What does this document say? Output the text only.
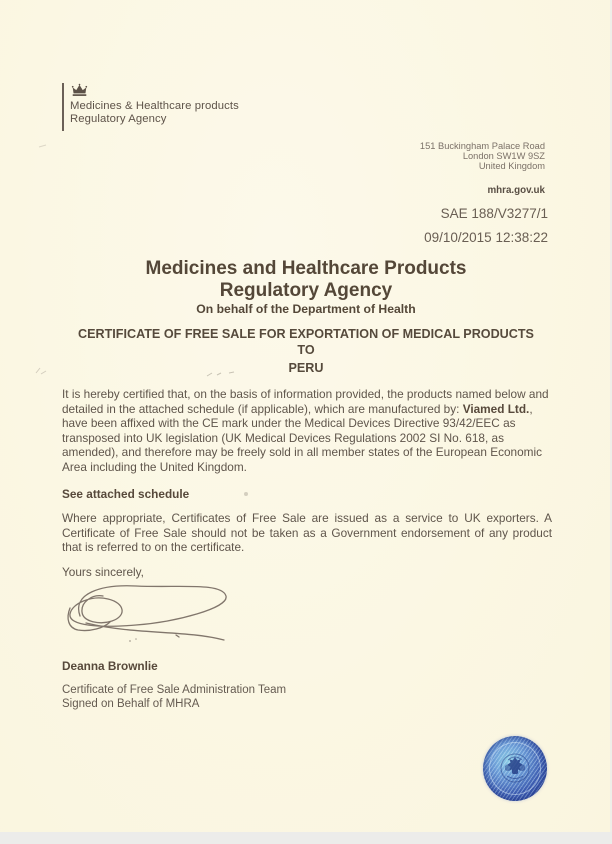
Medicines & Healthcare products
Regulatory Agency
151 Buckingham Palace Road
London SW1W 9SZ
United Kingdom
mhra.gov.uk
SAE 188/V3277/1
09/10/2015 12:38:22
Medicines and Healthcare Products
Regulatory Agency
On behalf of the Department of Health
CERTIFICATE OF FREE SALE FOR EXPORTATION OF MEDICAL PRODUCTS
TO
PERU
It is hereby certified that, on the basis of information provided, the products named below and detailed in the attached schedule (if applicable), which are manufactured by: Viamed Ltd., have been affixed with the CE mark under the Medical Devices Directive 93/42/EEC as transposed into UK legislation (UK Medical Devices Regulations 2002 SI No. 618, as amended), and therefore may be freely sold in all member states of the European Economic Area including the United Kingdom.
See attached schedule
Where appropriate, Certificates of Free Sale are issued as a service to UK exporters. A Certificate of Free Sale should not be taken as a Government endorsement of any product that is referred to on the certificate.
Yours sincerely,
Deanna Brownlie
Certificate of Free Sale Administration Team
Signed on Behalf of MHRA
